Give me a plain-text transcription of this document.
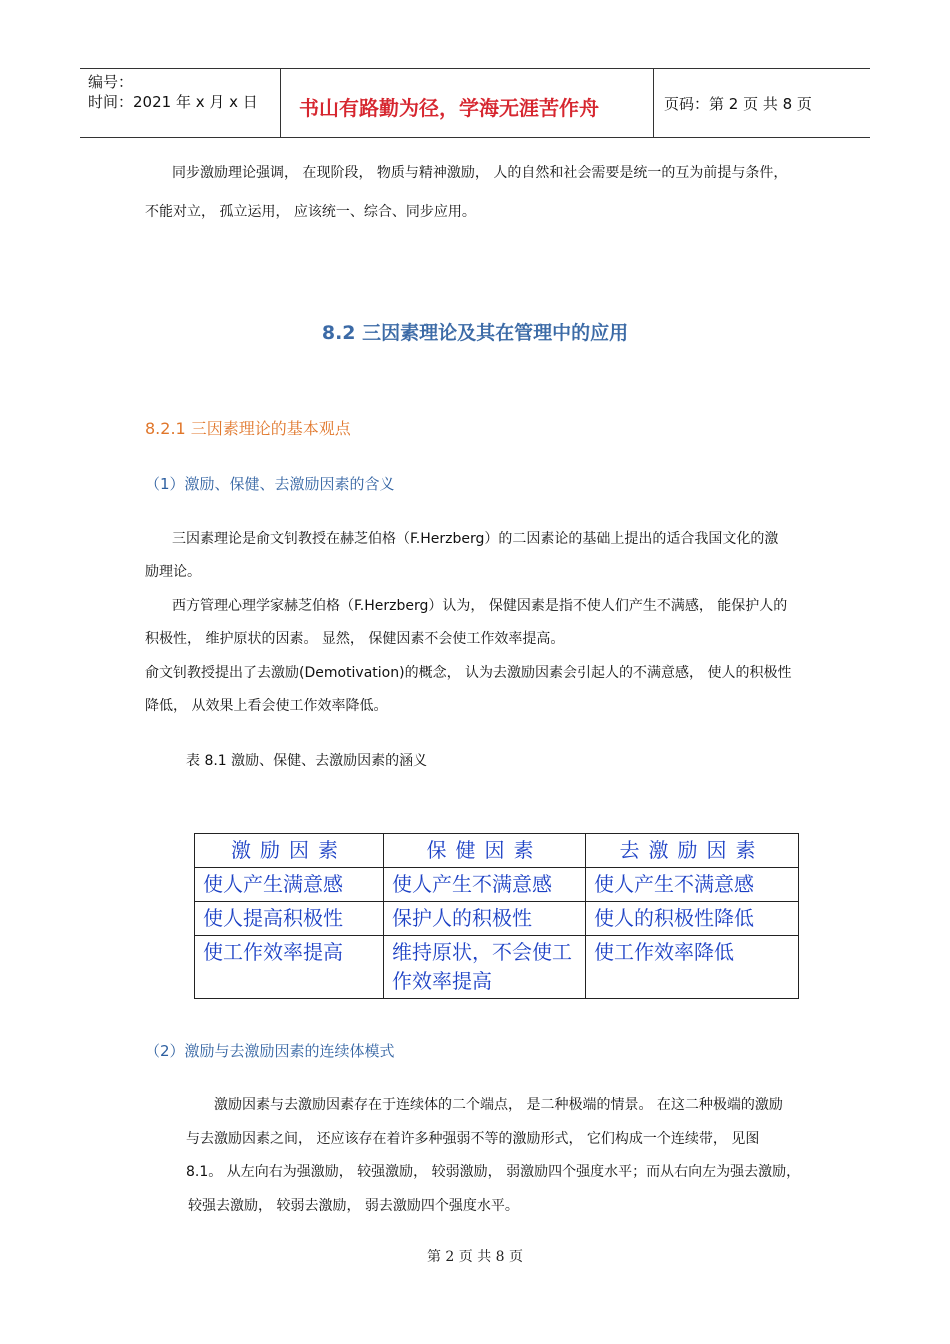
编号：
时间：2021 年 x 月 x 日 书山有路勤为径，学海无涯苦作舟	页码：第 2 页 共 8 页
同步激励理论强调， 在现阶段， 物质与精神激励， 人的自然和社会需要是统一的互为前提与条件，
不能对立， 孤立运用， 应该统一、综合、同步应用。
8.2 三因素理论及其在管理中的应用
8.2.1 三因素理论的基本观点
（1）激励、保健、去激励因素的含义
三因素理论是俞文钊教授在赫芝伯格（F.Herzberg）的二因素论的基础上提出的适合我国文化的激
励理论。
西方管理心理学家赫芝伯格（F.Herzberg）认为， 保健因素是指不使人们产生不满感， 能保护人的
积极性， 维护原状的因素。 显然， 保健因素不会使工作效率提高。
俞文钊教授提出了去激励(Demotivation)的概念， 认为去激励因素会引起人的不满意感， 使人的积极性
降低， 从效果上看会使工作效率降低。
表 8.1 激励、保健、去激励因素的涵义
激励因素	保健因素	去激励因素
使人产生满意感	使人产生不满意感	使人产生不满意感
使人提高积极性	保护人的积极性	使人的积极性降低
使工作效率提高	维持原状，不会使工作效率提高	使工作效率降低
（2）激励与去激励因素的连续体模式
激励因素与去激励因素存在于连续体的二个端点， 是二种极端的情景。 在这二种极端的激励
与去激励因素之间， 还应该存在着许多种强弱不等的激励形式， 它们构成一个连续带， 见图
8.1。 从左向右为强激励， 较强激励， 较弱激励， 弱激励四个强度水平；而从右向左为强去激励，
较强去激励， 较弱去激励， 弱去激励四个强度水平。
第 2 页 共 8 页
